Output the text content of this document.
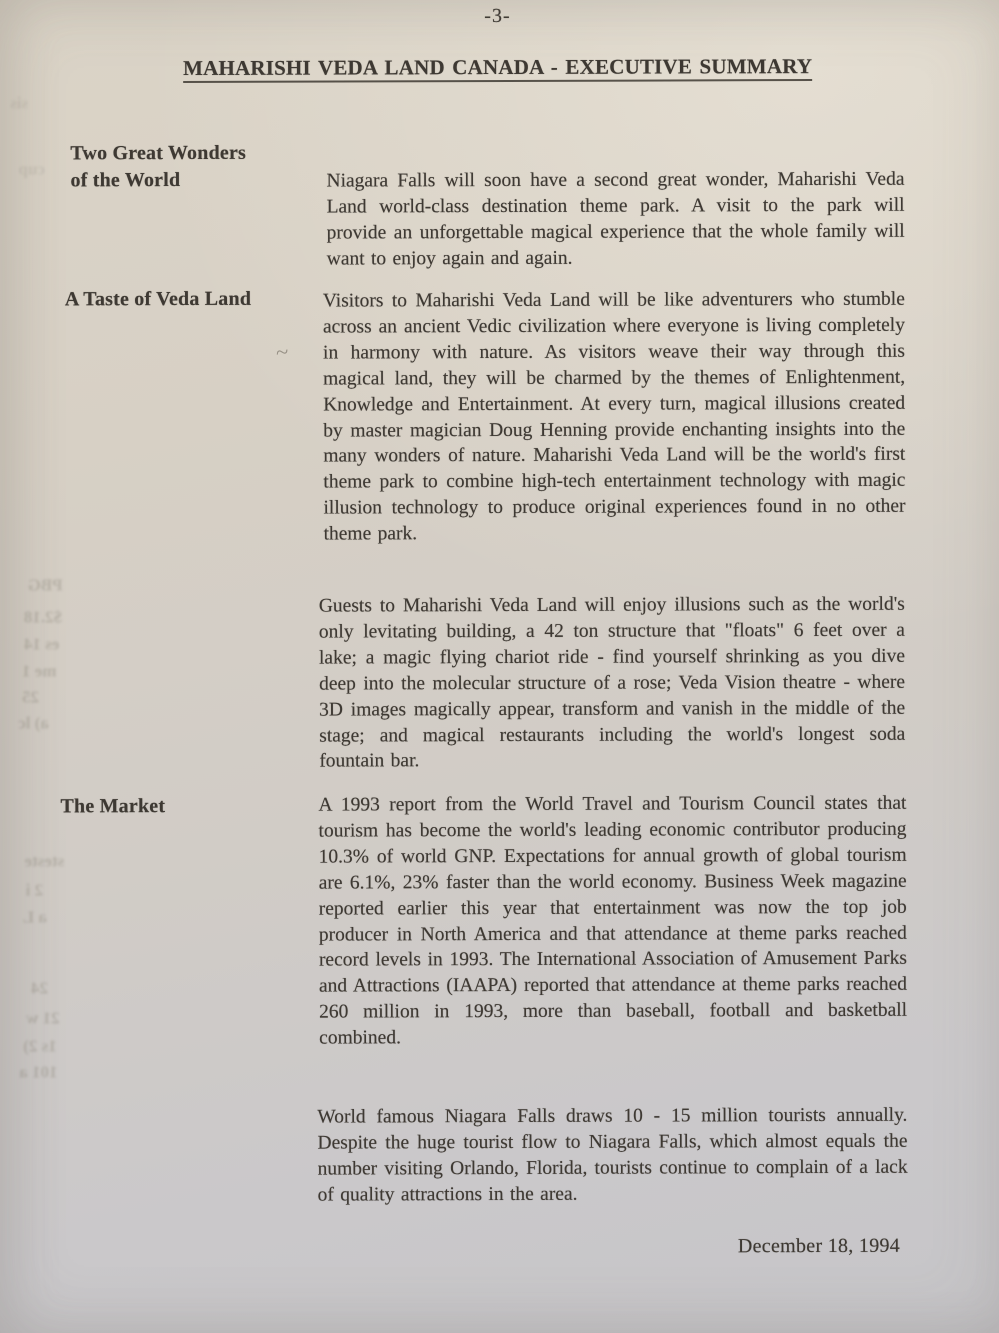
-3-
MAHARISHI VEDA LAND CANADA - EXECUTIVE SUMMARY
Two Great Wonders
of the World	Niagara Falls will soon have a second great wonder, Maharishi Veda Land world-class destination theme park. A visit to the park will provide an unforgettable magical experience that the whole family will want to enjoy again and again.
A Taste of Veda Land	Visitors to Maharishi Veda Land will be like adventurers who stumble across an ancient Vedic civilization where everyone is living completely in harmony with nature. As visitors weave their way through this magical land, they will be charmed by the themes of Enlightenment, Knowledge and Entertainment. At every turn, magical illusions created by master magician Doug Henning provide enchanting insights into the many wonders of nature. Maharishi Veda Land will be the world's first theme park to combine high-tech entertainment technology with magic illusion technology to produce original experiences found in no other theme park.
Guests to Maharishi Veda Land will enjoy illusions such as the world's only levitating building, a 42 ton structure that "floats" 6 feet over a lake; a magic flying chariot ride - find yourself shrinking as you dive deep into the molecular structure of a rose; Veda Vision theatre - where 3D images magically appear, transform and vanish in the middle of the stage; and magical restaurants including the world's longest soda fountain bar.
The Market	A 1993 report from the World Travel and Tourism Council states that tourism has become the world's leading economic contributor producing 10.3% of world GNP. Expectations for annual growth of global tourism are 6.1%, 23% faster than the world economy. Business Week magazine reported earlier this year that entertainment was now the top job producer in North America and that attendance at theme parks reached record levels in 1993. The International Association of Amusement Parks and Attractions (IAAPA) reported that attendance at theme parks reached 260 million in 1993, more than baseball, football and basketball combined.
World famous Niagara Falls draws 10 - 15 million tourists annually. Despite the huge tourist flow to Niagara Falls, which almost equals the number visiting Orlando, Florida, tourists continue to complain of a lack of quality attractions in the area.
December 18, 1994
~
sis
cup
PBG
$2.18
es 14
me 1
25
a) lc
steste
2 i
a L
24
21 w
1s 2)
101 a
